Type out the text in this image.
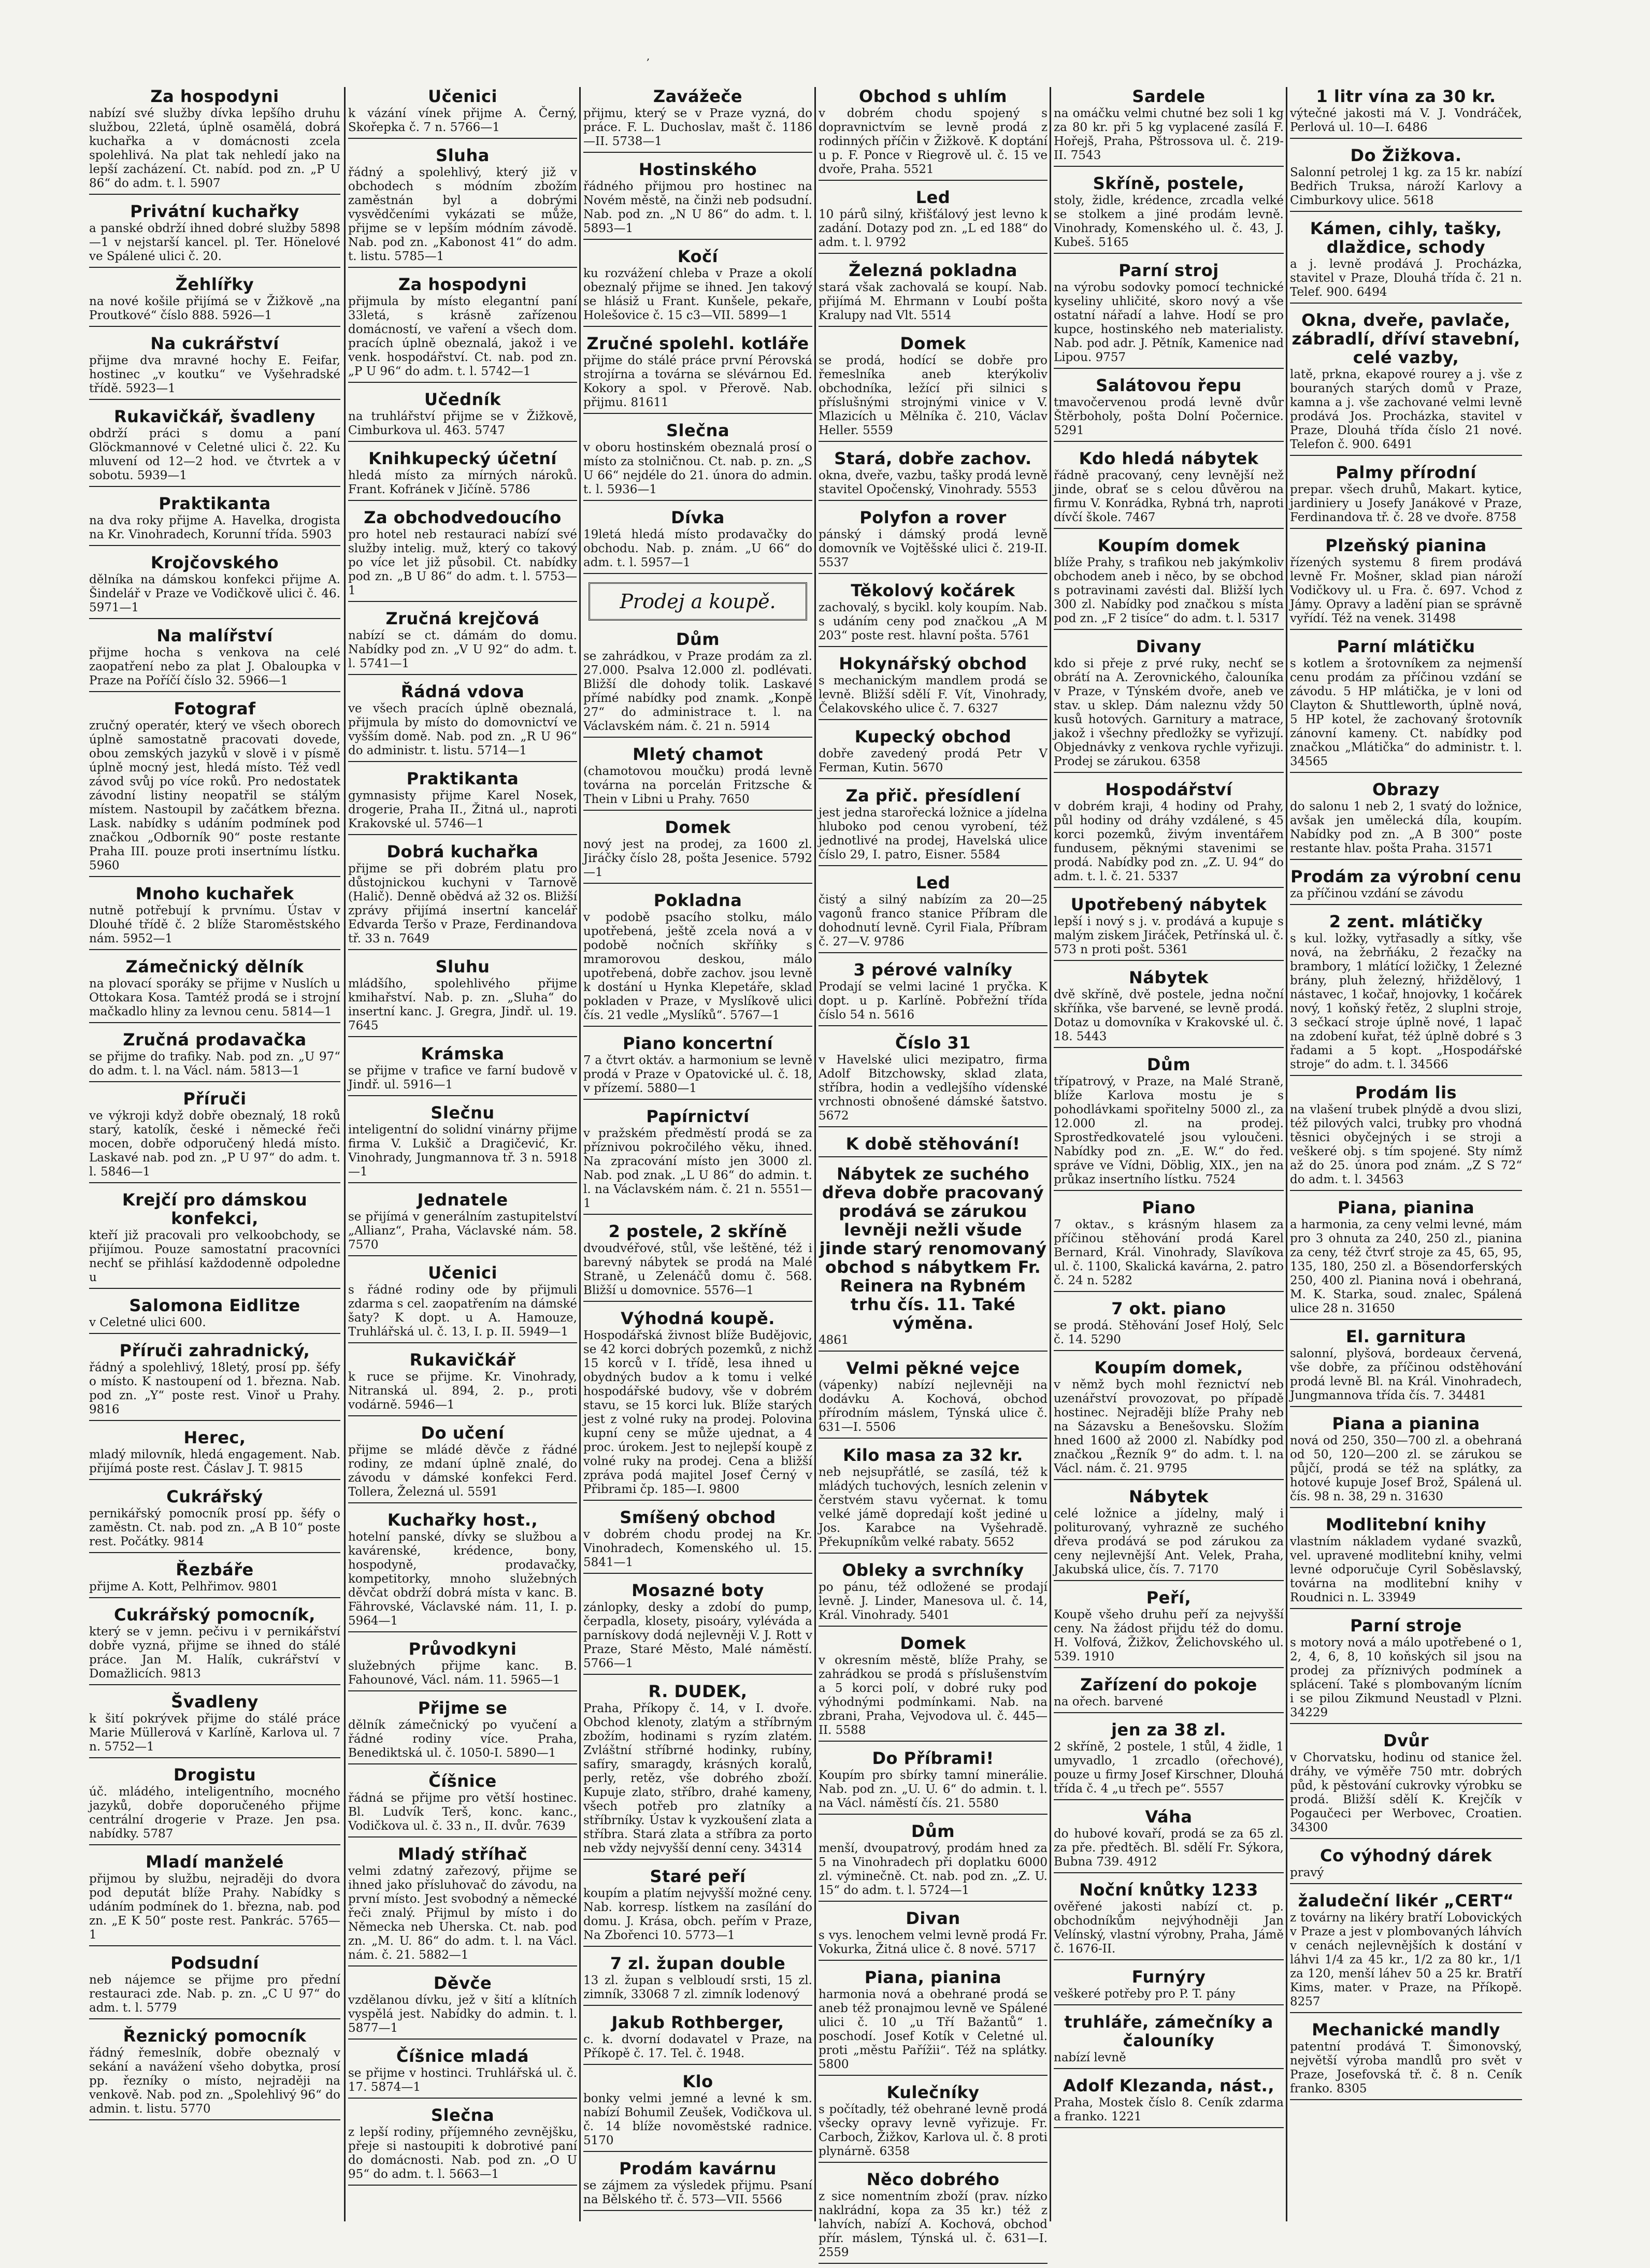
,
Za hospodyni

nabízí své služby dívka lepšího druhu službou, 22letá, úplně osamělá, dobrá kuchařka a v domácnosti zcela spolehlivá. Na plat tak nehledí jako na lepší zacházení. Ct. nabíd. pod zn. „P U 86“ do adm. t. l. 5907

Privátní kuchařky

a panské obdrží ihned dobré služby 5898—1 v nejstarší kancel. pl. Ter. Hönelové ve Spálené ulici č. 20.

Žehlířky

na nové košile přijímá se v Žižkově „na Proutkové“ číslo 888. 5926—1

Na cukrářství

přijme dva mravné hochy E. Feifar, hostinec „v koutku“ ve Vyšehradské třídě. 5923—1

Rukavičkář, švadleny

obdrží práci s domu a paní Glöckmannové v Celetné ulici č. 22. Ku mluvení od 12—2 hod. ve čtvrtek a v sobotu. 5939—1

Praktikanta

na dva roky přijme A. Havelka, drogista na Kr. Vinohradech, Korunní třída. 5903

Krojčovského

dělníka na dámskou konfekci přijme A. Šindelář v Praze ve Vodičkově ulici č. 46. 5971—1

Na malířství

přijme hocha s venkova na celé zaopatření nebo za plat J. Obaloupka v Praze na Poříčí číslo 32. 5966—1

Fotograf

zručný operatér, který ve všech oborech úplně samostatně pracovati dovede, obou zemských jazyků v slově i v písmě úplně mocný jest, hledá místo. Též vedl závod svůj po více roků. Pro nedostatek závodní listiny neopatřil se stálým místem. Nastoupil by začátkem března. Lask. nabídky s udáním podmínek pod značkou „Odborník 90“ poste restante Praha III. pouze proti insertnímu lístku. 5960

Mnoho kuchařek

nutně potřebují k prvnímu. Ústav v Dlouhé třídě č. 2 blíže Staroměstského nám. 5952—1

Zámečnický dělník

na plovací sporáky se přijme v Nuslích u Ottokara Kosa. Tamtéž prodá se i strojní mačkadlo hliny za levnou cenu. 5814—1

Zručná prodavačka

se přijme do trafiky. Nab. pod zn. „U 97“ do adm. t. l. na Václ. nám. 5813—1

Příruči

ve výkroji když dobře obeznalý, 18 roků starý, katolík, české i německé řeči mocen, dobře odporučený hledá místo. Laskavé nab. pod zn. „P U 97“ do adm. t. l. 5846—1

Krejčí pro dámskou konfekci,

kteří již pracovali pro velkoobchody, se přijímou. Pouze samostatní pracovníci nechť se přihlásí každodenně odpoledne u

Salomona Eidlitze

v Celetné ulici 600.

Příruči zahradnický,

řádný a spolehlivý, 18letý, prosí pp. šéfy o místo. K nastoupení od 1. března. Nab. pod zn. „Y“ poste rest. Vinoř u Prahy. 9816

Herec,

mladý milovník, hledá engagement. Nab. přijímá poste rest. Čáslav J. T. 9815

Cukrářský

pernikářský pomocník prosí pp. šéfy o zaměstn. Ct. nab. pod zn. „A B 10“ poste rest. Počátky. 9814

Řezbáře

přijme A. Kott, Pelhřimov. 9801

Cukrářský pomocník,

který se v jemn. pečivu i v pernikářství dobře vyzná, přijme se ihned do stálé práce. Jan M. Halík, cukrářství v Domažlicích. 9813

Švadleny

k šití pokrývek přijme do stálé práce Marie Müllerová v Karlíně, Karlova ul. 7 n. 5752—1

Drogistu

úč. mládého, inteligentního, mocného jazyků, dobře doporučeného přijme centrální drogerie v Praze. Jen psa. nabídky. 5787

Mladí manželé

přijmou by službu, nejraději do dvora pod deputát blíže Prahy. Nabídky s udáním podmínek do 1. března, nab. pod zn. „E K 50“ poste rest. Pankrác. 5765—1

Podsudní

neb nájemce se přijme pro přední restauraci zde. Nab. p. zn. „C U 97“ do adm. t. l. 5779

Řeznický pomocník

řádný řemeslník, dobře obeznalý v sekání a navážení všeho dobytka, prosí pp. řezníky o místo, nejraději na venkově. Nab. pod zn. „Spolehlivý 96“ do admin. t. listu. 5770

Učenici

k vázání vínek přijme A. Černý, Skořepka č. 7 n. 5766—1

Sluha

řádný a spolehlivý, který již v obchodech s módním zbožím zaměstnán byl a dobrými vysvědčeními vykázati se může, přijme se v lepším módním závodě. Nab. pod zn. „Kabonost 41“ do adm. t. listu. 5785—1

Za hospodyni

přijmula by místo elegantní paní 33letá, s krásně zařízenou domácností, ve vaření a všech dom. pracích úplně obeznalá, jakož i ve venk. hospodářství. Ct. nab. pod zn. „P U 96“ do adm. t. l. 5742—1

Učedník

na truhlářství přijme se v Žižkově, Cimburkova ul. 463. 5747

Knihkupecký účetní

hledá místo za mírných nároků. Frant. Kofránek v Jičíně. 5786

Za obchodvedoucího

pro hotel neb restauraci nabízí své služby intelig. muž, který co takový po více let již působil. Ct. nabídky pod zn. „B U 86“ do adm. t. l. 5753—1

Zručná krejčová

nabízí se ct. dámám do domu. Nabídky pod zn. „V U 92“ do adm. t. l. 5741—1

Řádná vdova

ve všech pracích úplně obeznalá, přijmula by místo do domovnictví ve vyšším domě. Nab. pod zn. „R U 96“ do administr. t. listu. 5714—1

Praktikanta

gymnasisty přijme Karel Nosek, drogerie, Praha II., Žitná ul., naproti Krakovské ul. 5746—1

Dobrá kuchařka

přijme se při dobrém platu pro důstojnickou kuchyni v Tarnově (Halič). Denně obědvá až 32 os. Bližší zprávy přijímá insertní kancelář Edvarda Teršo v Praze, Ferdinandova tř. 33 n. 7649

Sluhu

mládšího, spolehlivého přijme kmihařství. Nab. p. zn. „Sluha“ do insertní kanc. J. Gregra, Jindř. ul. 19. 7645

Krámska

se přijme v trafice ve farní budově v Jindř. ul. 5916—1

Slečnu

inteligentní do solidní vinárny přijme firma V. Lukšič a Dragičević, Kr. Vinohrady, Jungmannova tř. 3 n. 5918—1

Jednatele

se přijímá v generálním zastupitelství „Allianz“, Praha, Václavské nám. 58. 7570

Učenici

s řádné rodiny ode by přijmuli zdarma s cel. zaopatřením na dámské šaty? K dopt. u A. Hamouze, Truhlářská ul. č. 13, I. p. II. 5949—1

Rukavičkář

k ruce se přijme. Kr. Vinohrady, Nitranská ul. 894, 2. p., proti vodárně. 5946—1

Do učení

přijme se mládé děvče z řádné rodiny, ze mdaní úplně znalé, do závodu v dámské konfekci Ferd. Tollera, Železná ul. 5591

Kuchařky host.,

hotelní panské, dívky se službou a kavárenské, krédence, bony, hospodyně, prodavačky, kompetitorky, mnoho služebných děvčat obdrží dobrá místa v kanc. B. Fährovské, Václavské nám. 11, I. p. 5964—1

Průvodkyni

služebných přijme kanc. B. Fahounové, Václ. nám. 11. 5965—1

Přijme se

dělník zámečnický po vyučení a řádné rodiny více. Praha, Benediktská ul. č. 1050-I. 5890—1

Číšnice

řádná se přijme pro větší hostinec. Bl. Ludvík Terš, konc. kanc., Vodičkova ul. č. 33 n., II. dvůr. 7639

Mladý stříhač

velmi zdatný zařezový, přijme se ihned jako přísluhovač do závodu, na první místo. Jest svobodný a německé řeči znalý. Přijmul by místo i do Německa neb Uherska. Ct. nab. pod zn. „M. U. 86“ do adm. t. l. na Václ. nám. č. 21. 5882—1

Děvče

vzdělanou dívku, jež v šití a klítních vyspělá jest. Nabídky do admin. t. l. 5877—1

Číšnice mladá

se přijme v hostinci. Truhlářská ul. č. 17. 5874—1

Slečna

z lepší rodiny, příjemného zevnějšku, přeje si nastoupiti k dobrotivé paní do domácnosti. Nab. pod zn. „O U 95“ do adm. t. l. 5663—1

Zavážeče

přijmu, který se v Praze vyzná, do práce. F. L. Duchoslav, mašt č. 1186—II. 5738—1

Hostinského

řádného přijmou pro hostinec na Novém městě, na činži neb podsudní. Nab. pod zn. „N U 86“ do adm. t. l. 5893—1

Kočí

ku rozvážení chleba v Praze a okolí obeznalý přijme se ihned. Jen takový se hlásiž u Frant. Kunšele, pekaře, Holešovice č. 15 c3—VII. 5899—1

Zručné spolehl. kotláře

přijme do stálé práce první Pérovská strojírna a továrna se slévárnou Ed. Kokory a spol. v Přerově. Nab. přijmu. 81611

Slečna

v oboru hostinském obeznalá prosí o místo za stolničnou. Ct. nab. p. zn. „S U 66“ nejdéle do 21. února do admin. t. l. 5936—1

Dívka

19letá hledá místo prodavačky do obchodu. Nab. p. znám. „U 66“ do adm. t. l. 5957—1

Prodej a koupě.
Dům

se zahrádkou, v Praze prodám za zl. 27.000. Psalva 12.000 zl. podlévati. Bližší dle dohody tolik. Laskavé přímé nabídky pod znamk. „Konpě 27“ do administrace t. l. na Václavském nám. č. 21 n. 5914

Mletý chamot

(chamotovou moučku) prodá levně továrna na porcelán Fritzsche & Thein v Libni u Prahy. 7650

Domek

nový jest na prodej, za 1600 zl. Jiráčky číslo 28, pošta Jesenice. 5792—1

Pokladna

v podobě psacího stolku, málo upotřebená, ještě zcela nová a v podobě nočních skříňky s mramorovou deskou, málo upotřebená, dobře zachov. jsou levně k dostání u Hynka Klepetáře, sklad pokladen v Praze, v Myslíkově ulici čís. 21 vedle „Myslíků“. 5767—1

Piano koncertní

7 a čtvrt oktáv. a harmonium se levně prodá v Praze v Opatovické ul. č. 18, v přízemí. 5880—1

Papírnictví

v pražském předměstí prodá se za příznivou pokročilého věku, ihned. Na zpracování místo jen 3000 zl. Nab. pod znak. „L U 86“ do admin. t. l. na Václavském nám. č. 21 n. 5551—1

2 postele, 2 skříně

dvoudvéřové, stůl, vše leštěné, též i barevný nábytek se prodá na Malé Straně, u Zelenáčů domu č. 568. Bližší u domovnice. 5576—1

Výhodná koupě.

Hospodářská živnost blíže Budějovic, se 42 korci dobrých pozemků, z nichž 15 korců v I. třídě, lesa ihned u obydných budov a k tomu i velké hospodářské budovy, vše v dobrém stavu, se 15 korci luk. Blíže starých jest z volné ruky na prodej. Polovina kupní ceny se může ujednat, a 4 proc. úrokem. Jest to nejlepší koupě z volné ruky na prodej. Cena a bližší zpráva podá majitel Josef Černý v Přibrami čp. 185—I. 9800

Smíšený obchod

v dobrém chodu prodej na Kr. Vinohradech, Komenského ul. 15. 5841—1

Mosazné boty

zánlopky, desky a zdobí do pump, čerpadla, klosety, pisoáry, vyléváda a parnískovy dodá nejlevněji V. J. Rott v Praze, Staré Město, Malé náměstí. 5766—1

R. DUDEK,

Praha, Příkopy č. 14, v I. dvoře. Obchod klenoty, zlatým a stříbrným zbožím, hodinami s ryzím zlatém. Zvláštní stříbrné hodinky, rubíny, safíry, smaragdy, krásných koralů, perly, retěz, vše dobrého zboží. Kupuje zlato, stříbro, drahé kameny, všech potřeb pro zlatníky a stříbrníky. Ústav k vyzkoušení zlata a stříbra. Stará zlata a stříbra za porto neb vždy nejvyšší denní ceny. 34314

Staré peří

koupím a platím nejvyšší možné ceny. Nab. korresp. lístkem na zasílání do domu. J. Krása, obch. peřím v Praze, Na Zbořenci 10. 5773—1

7 zl. župan double

13 zl. župan s velbloudí srsti, 15 zl. zimník, 33068 7 zl. zimník lodenový

Jakub Rothberger,

c. k. dvorní dodavatel v Praze, na Příkopě č. 17. Tel. č. 1948.

Klo

bonky velmi jemné a levné k sm. nabízí Bohumil Zeušek, Vodičkova ul. č. 14 blíže novoměstské radnice. 5170

Prodám kavárnu

se zájmem za výsledek přijmu. Psaní na Bělského tř. č. 573—VII. 5566

Obchod s uhlím

v dobrém chodu spojený s dopravnictvím se levně prodá z rodinných příčin v Žižkově. K doptání u p. F. Ponce v Riegrově ul. č. 15 ve dvoře, Praha. 5521

Led

10 párů silný, křišťálový jest levno k zadání. Dotazy pod zn. „L ed 188“ do adm. t. l. 9792

Železná pokladna

stará však zachovalá se koupí. Nab. přijímá M. Ehrmann v Loubí pošta Kralupy nad Vlt. 5514

Domek

se prodá, hodící se dobře pro řemeslníka aneb kterýkoliv obchodníka, ležící při silnici s příslušnými strojnými vinice v V. Mlazicích u Mělníka č. 210, Václav Heller. 5559

Stará, dobře zachov.

okna, dveře, vazbu, tašky prodá levně stavitel Opočenský, Vinohrady. 5553

Polyfon a rover

pánský i dámský prodá levně domovník ve Vojtěšské ulici č. 219-II. 5537

Těkolový kočárek

zachovalý, s bycikl. koly koupím. Nab. s udáním ceny pod značkou „A M 203“ poste rest. hlavní pošta. 5761

Hokynářský obchod

s mechanickým mandlem prodá se levně. Bližší sdělí F. Vít, Vinohrady, Čelakovského ulice č. 7. 6327

Kupecký obchod

dobře zavedený prodá Petr V Ferman, Kutin. 5670

Za přič. přesídlení

jest jedna starořecká ložnice a jídelna hluboko pod cenou vyrobení, též jednotlivé na prodej, Havelská ulice číslo 29, I. patro, Eisner. 5584

Led

čistý a silný nabízím za 20—25 vagonů franco stanice Příbram dle dohodnutí levně. Cyril Fiala, Příbram č. 27—V. 9786

3 pérové valníky

Prodají se velmi laciné 1 pryčka. K dopt. u p. Karlíně. Pobřežní třída číslo 54 n. 5616

Číslo 31

v Havelské ulici mezipatro, firma Adolf Bitzchowsky, sklad zlata, stříbra, hodin a vedlejšího vídenské vrchnosti obnošené dámské šatstvo. 5672

K době stěhování!

Nábytek ze suchého dřeva dobře pracovaný prodává se zárukou levněji nežli všude jinde starý renomovaný obchod s nábytkem Fr. Reinera na Rybném trhu čís. 11. Také výměna.

4861

Velmi pěkné vejce

(vápenky) nabízí nejlevněji na dodávku A. Kochová, obchod přírodním máslem, Týnská ulice č. 631—I. 5506

Kilo masa za 32 kr.

neb nejsupřátlé, se zasílá, též k mládých tuchových, lesních zelenin v čerstvém stavu vyčernat. k tomu velké jámě dopredají košt jediné u Jos. Karabce na Vyšehradě. Překupníkům velké rabaty. 5652

Obleky a svrchníky

po pánu, též odložené se prodají levně. J. Linder, Manesova ul. č. 14, Král. Vinohrady. 5401

Domek

v okresním městě, blíže Prahy, se zahrádkou se prodá s příslušenstvím a 5 korci polí, v dobré ruky pod výhodnými podmínkami. Nab. na zbrani, Praha, Vejvodova ul. č. 445—II. 5588

Do Příbrami!

Koupím pro sbírky tamní minerálie. Nab. pod zn. „U. U. 6“ do admin. t. l. na Václ. náměstí čís. 21. 5580

Dům

menší, dvoupatrový, prodám hned za 5 na Vinohradech při doplatku 6000 zl. výminečně. Ct. nab. pod zn. „Z. U. 15“ do adm. t. l. 5724—1

Divan

s vys. lenochem velmi levně prodá Fr. Vokurka, Žitná ulice č. 8 nové. 5717

Piana, pianina

harmonia nová a obehrané prodá se aneb též pronajmou levně ve Spálené ulici č. 10 „u Tří Bažantů“ 1. poschodí. Josef Kotík v Celetné ul. proti „městu Pařížii“. Též na splátky. 5800

Kulečníky

s počítadly, též obehrané levně prodá všecky opravy levně vyřizuje. Fr. Carboch, Žižkov, Karlova ul. č. 8 proti plynárně. 6358

Něco dobrého

z sice nomentním zboží (prav. nízko naklrádní, kopa za 35 kr.) též z lahvích, nabízí A. Kochová, obchod přír. máslem, Týnská ul. č. 631—I. 2559

Sardele

na omáčku velmi chutné bez soli 1 kg za 80 kr. při 5 kg vyplacené zasílá F. Hořejš, Praha, Pštrossova ul. č. 219-II. 7543

Skříně, postele,

stoly, židle, krédence, zrcadla velké se stolkem a jiné prodám levně. Vinohrady, Komenského ul. č. 43, J. Kubeš. 5165

Parní stroj

na výrobu sodovky pomocí technické kyseliny uhličité, skoro nový a vše ostatní nářadí a lahve. Hodí se pro kupce, hostinského neb materialisty. Nab. pod adr. J. Pětník, Kamenice nad Lipou. 9757

Salátovou řepu

tmavočervenou prodá levně dvůr Štěrboholy, pošta Dolní Počernice. 5291

Kdo hledá nábytek

řádně pracovaný, ceny levnější než jinde, obrať se s celou důvěrou na firmu V. Konrádka, Rybná trh, naproti dívčí škole. 7467

Koupím domek

blíže Prahy, s trafikou neb jakýmkoliv obchodem aneb i něco, by se obchod s potravinami zavésti dal. Bližší lych 300 zl. Nabídky pod značkou s místa pod zn. „F 2 tisíce“ do adm. t. l. 5317

Divany

kdo si přeje z prvé ruky, nechť se obrátí na A. Zerovnického, čalouníka v Praze, v Týnském dvoře, aneb ve stav. u sklep. Dám naleznu vždy 50 kusů hotových. Garnitury a matrace, jakož i všechny předložky se vyřizují. Objednávky z venkova rychle vyřizuji. Prodej se zárukou. 6358

Hospodářství

v dobrém kraji, 4 hodiny od Prahy, půl hodiny od dráhy vzdálené, s 45 korci pozemků, živým inventářem fundusem, pěknými stavenimi se prodá. Nabídky pod zn. „Z. U. 94“ do adm. t. l. č. 21. 5337

Upotřebený nábytek

lepší i nový s j. v. prodává a kupuje s malým ziskem Jiráček, Petřínská ul. č. 573 n proti pošt. 5361

Nábytek

dvě skříně, dvě postele, jedna noční skříňka, vše barvené, se levně prodá. Dotaz u domovníka v Krakovské ul. č. 18. 5443

Dům

třípatrový, v Praze, na Malé Straně, blíže Karlova mostu je s pohodlávkami spořitelny 5000 zl., za 12.000 zl. na prodej. Sprostředkovatelé jsou vyloučeni. Nabídky pod zn. „E. W.“ do řed. správe ve Vídni, Döblig, XIX., jen na průkaz insertního lístku. 7524

Piano

7 oktav., s krásným hlasem za příčinou stěhování prodá Karel Bernard, Král. Vinohrady, Slavíkova ul. č. 1100, Skalická kavárna, 2. patro č. 24 n. 5282

7 okt. piano

se prodá. Stěhování Josef Holý, Selc č. 14. 5290

Koupím domek,

v němž bych mohl řeznictví neb uzenářství provozovat, po případě hostinec. Nejraději blíže Prahy neb na Sázavsku a Benešovsku. Složím hned 1600 až 2000 zl. Nabídky pod značkou „Řezník 9“ do adm. t. l. na Václ. nám. č. 21. 9795

Nábytek

celé ložnice a jídelny, malý i politurovaný, vyhrazně ze suchého dřeva prodává se pod zárukou za ceny nejlevnější Ant. Velek, Praha, Jakubská ulice, čís. 7. 7170

Peří,

Koupě všeho druhu peří za nejvyšší ceny. Na žádost přijdu též do domu. H. Volfová, Žižkov, Želichovského ul. 539. 1910

Zařízení do pokoje

na ořech. barvené

jen za 38 zl.

2 skříně, 2 postele, 1 stůl, 4 židle, 1 umyvadlo, 1 zrcadlo (ořechové), pouze u firmy Josef Kirschner, Dlouhá třída č. 4 „u třech pe“. 5557

Váha

do hubové kovaří, prodá se za 65 zl. za pře. předtěch. Bl. sdělí Fr. Sýkora, Bubna 739. 4912

Noční knůtky 1233

ověřené jakosti nabízí ct. p. obchodníkům nejvýhodněji Jan Velínský, vlastní výrobny, Praha, Jámě č. 1676-II.

Furnýry

veškeré potřeby pro P. T. pány

truhláře, zámečníky a čalouníky

nabízí levně

Adolf Klezanda, nást.,

Praha, Mostek číslo 8. Ceník zdarma a franko. 1221

1 litr vína za 30 kr.

výtečné jakosti má V. J. Vondráček, Perlová ul. 10—I. 6486

Do Žižkova.

Salonní petrolej 1 kg. za 15 kr. nabízí Bedřich Truksa, nároží Karlovy a Cimburkovy ulice. 5618

Kámen, cihly, tašky, dlaždice, schody

a j. levně prodává J. Procházka, stavitel v Praze, Dlouhá třída č. 21 n. Telef. 900. 6494

Okna, dveře, pavlače, zábradlí, dříví stavební, celé vazby,

latě, prkna, ekapové rourey a j. vše z bouraných starých domů v Praze, kamna a j. vše zachované velmi levně prodává Jos. Procházka, stavitel v Praze, Dlouhá třída číslo 21 nové. Telefon č. 900. 6491

Palmy přírodní

prepar. všech druhů, Makart. kytice, jardiniery u Josefy Janákové v Praze, Ferdinandova tř. č. 28 ve dvoře. 8758

Plzeňský pianina

řízených systemu 8 firem prodává levně Fr. Mošner, sklad pian nároží Vodičkovy ul. u Fra. č. 697. Vchod z Jámy. Opravy a ladění pian se správně vyřídí. Též na venek. 31498

Parní mlátičku

s kotlem a šrotovníkem za nejmenší cenu prodám za příčinou vzdání se závodu. 5 HP mlátička, je v loni od Clayton & Shuttleworth, úplně nová, 5 HP kotel, že zachovaný šrotovník zánovní kameny. Ct. nabídky pod značkou „Mlátička“ do administr. t. l. 34565

Obrazy

do salonu 1 neb 2, 1 svatý do ložnice, avšak jen umělecká díla, koupím. Nabídky pod zn. „A B 300“ poste restante hlav. pošta Praha. 31571

Prodám za výrobní cenu

za příčinou vzdání se závodu

2 zent. mlátičky

s kul. ložky, vytřasadly a sítky, vše nová, na žebrňáku, 2 řezačky na brambory, 1 mlátící ložičky, 1 Železné brány, pluh železný, hřiždělový, 1 nástavec, 1 kočař, hnojovky, 1 kočárek nový, 1 koňský řetěz, 2 sluplni stroje, 3 sečkací stroje úplně nové, 1 lapač na zdobení kuřat, též úplně dobré s 3 řadami a 5 kopt. „Hospodářské stroje“ do adm. t. l. 34566

Prodám lis

na vlašení trubek plnýdě a dvou slizi, též pilových valci, trubky pro vhodná těsnici obyčejných i se stroji a veškeré obj. s tím spojené. Sty nímž až do 25. února pod znám. „Z S 72“ do adm. t. l. 34563

Piana, pianina

a harmonia, za ceny velmi levné, mám pro 3 ohnuta za 240, 250 zl., pianina za ceny, též čtvrť stroje za 45, 65, 95, 135, 180, 250 zl. a Bösendorferských 250, 400 zl. Pianina nová i obehraná, M. K. Starka, soud. znalec, Spálená ulice 28 n. 31650

El. garnitura

salonní, plyšová, bordeaux červená, vše dobře, za příčinou odstěhování prodá levně Bl. na Král. Vinohradech, Jungmannova třída čís. 7. 34481

Piana a pianina

nová od 250, 350—700 zl. a obehraná od 50, 120—200 zl. se zárukou se půjčí, prodá se též na splátky, za hotové kupuje Josef Brož, Spálená ul. čís. 98 n. 38, 29 n. 31630

Modlitební knihy

vlastním nákladem vydané svazků, vel. upravené modlitební knihy, velmi levné odporučuje Cyril Soběslavský, továrna na modlitební knihy v Roudnici n. L. 33949

Parní stroje

s motory nová a málo upotřebené o 1, 2, 4, 6, 8, 10 koňských sil jsou na prodej za příznivých podmínek a splácení. Také s plombovaným lícním i se pilou Zikmund Neustadl v Plzni. 34229

Dvůr

v Chorvatsku, hodinu od stanice žel. dráhy, ve výměře 750 mtr. dobrých půd, k pěstování cukrovky výrobku se prodá. Bližší sdělí K. Krejčík v Pogaučeci per Werbovec, Croatien. 34300

Co výhodný dárek

pravý

žaludeční likér „CERT“

z továrny na likéry bratří Lobovických v Praze a jest v plombovaných láhvích v cenách nejlevnějších k dostání v láhvi 1/4 za 45 kr., 1/2 za 80 kr., 1/1 za 120, menší láhev 50 a 25 kr. Bratří Kims, mater. v Praze, na Příkopě. 8257

Mechanické mandly

patentní prodává T. Šimonovský, největší výroba mandlů pro svět v Praze, Josefovská tř. č. 8 n. Ceník franko. 8305
